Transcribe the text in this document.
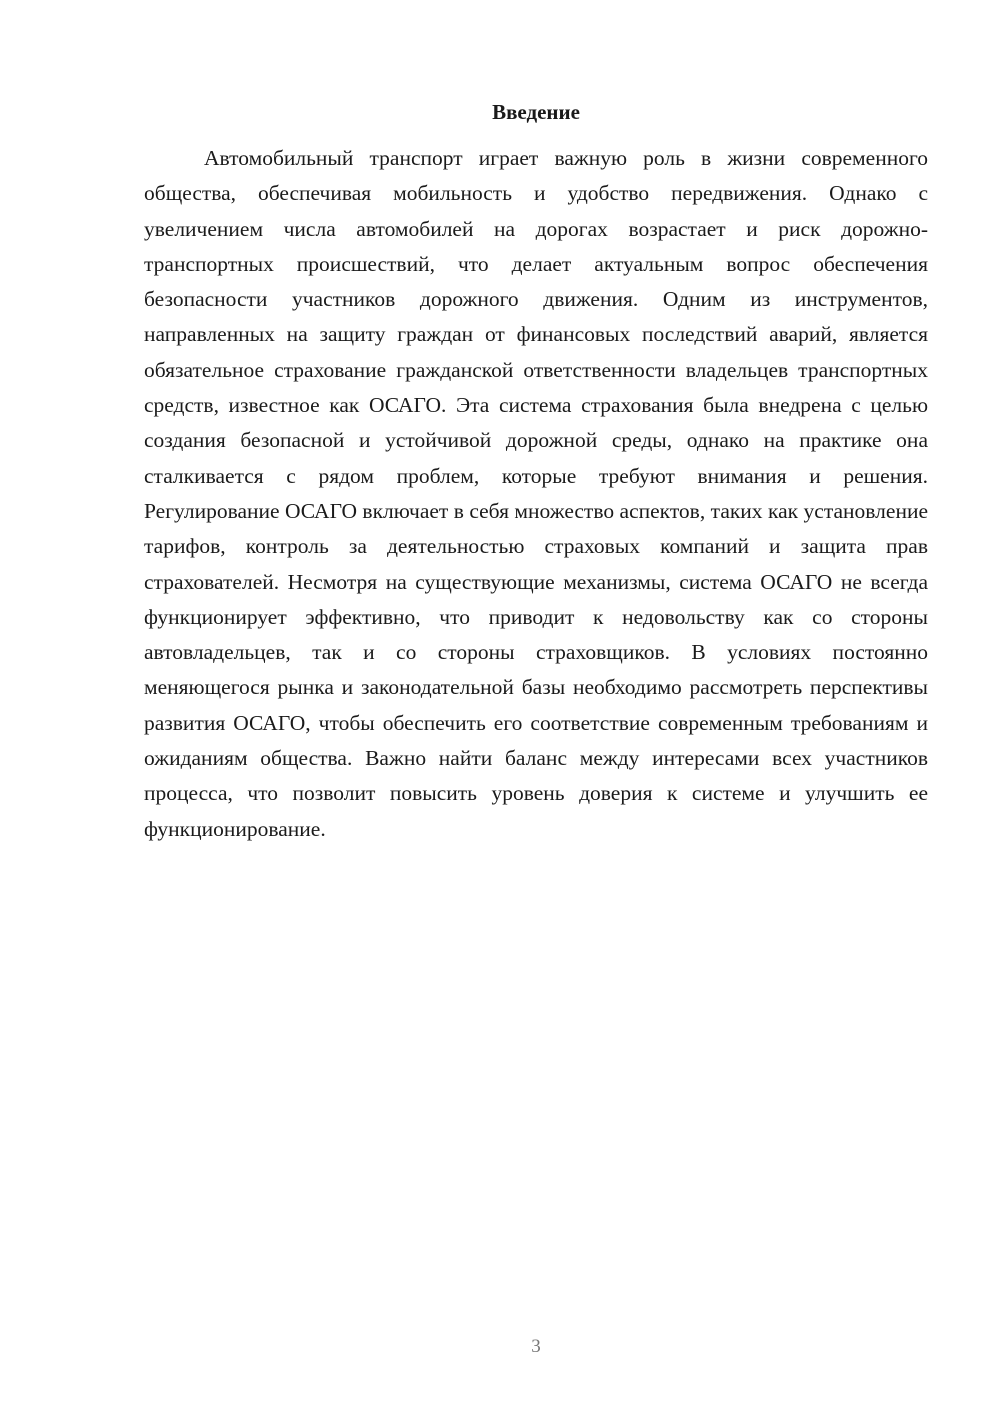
Введение

Автомобильный транспорт играет важную роль в жизни современного общества, обеспечивая мобильность и удобство передвижения. Однако с увеличением числа автомобилей на дорогах возрастает и риск дорожно-транспортных происшествий, что делает актуальным вопрос обеспечения безопасности участников дорожного движения. Одним из инструментов, направленных на защиту граждан от финансовых последствий аварий, является обязательное страхование гражданской ответственности владельцев транспортных средств, известное как ОСАГО. Эта система страхования была внедрена с целью создания безопасной и устойчивой дорожной среды, однако на практике она сталкивается с рядом проблем, которые требуют внимания и решения. Регулирование ОСАГО включает в себя множество аспектов, таких как установление тарифов, контроль за деятельностью страховых компаний и защита прав страхователей. Несмотря на существующие механизмы, система ОСАГО не всегда функционирует эффективно, что приводит к недовольству как со стороны автовладельцев, так и со стороны страховщиков. В условиях постоянно меняющегося рынка и законодательной базы необходимо рассмотреть перспективы развития ОСАГО, чтобы обеспечить его соответствие современным требованиям и ожиданиям общества. Важно найти баланс между интересами всех участников процесса, что позволит повысить уровень доверия к системе и улучшить ее функционирование.

3
